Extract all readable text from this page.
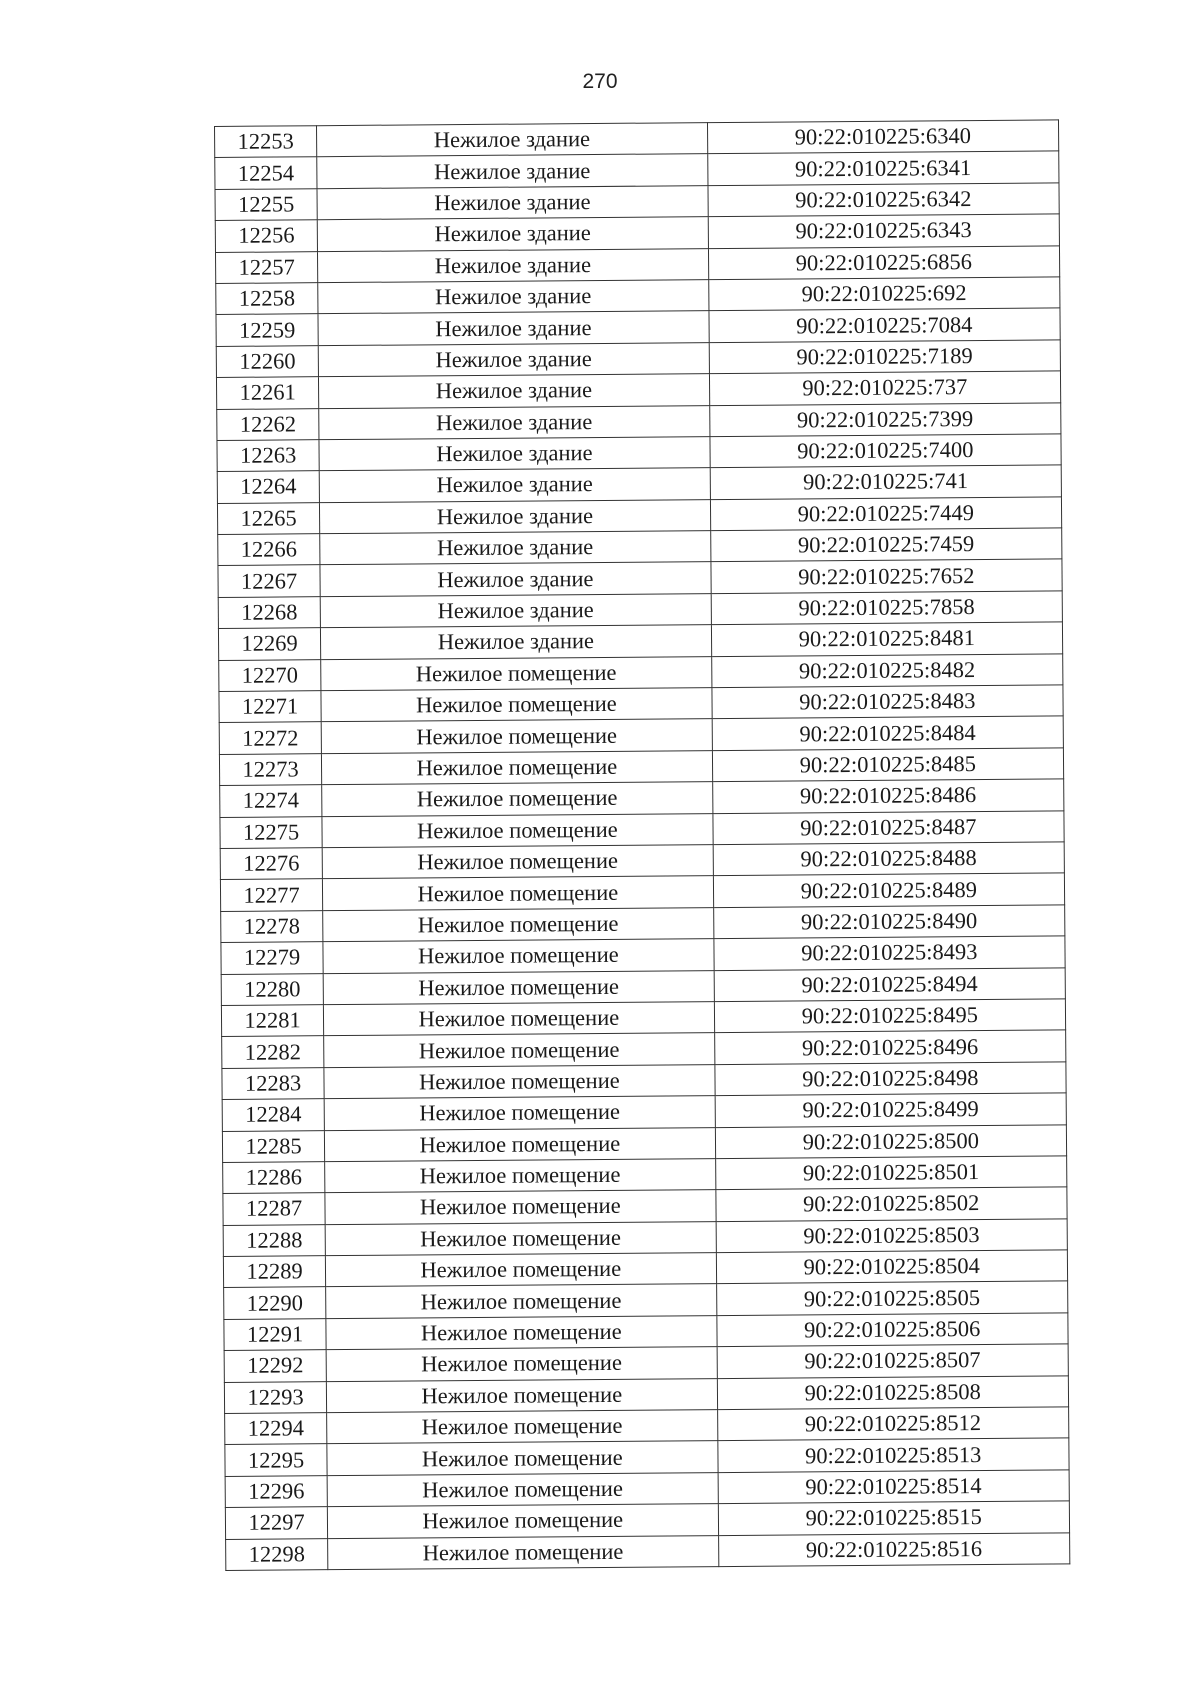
270
12253	Нежилое здание	90:22:010225:6340
12254	Нежилое здание	90:22:010225:6341
12255	Нежилое здание	90:22:010225:6342
12256	Нежилое здание	90:22:010225:6343
12257	Нежилое здание	90:22:010225:6856
12258	Нежилое здание	90:22:010225:692
12259	Нежилое здание	90:22:010225:7084
12260	Нежилое здание	90:22:010225:7189
12261	Нежилое здание	90:22:010225:737
12262	Нежилое здание	90:22:010225:7399
12263	Нежилое здание	90:22:010225:7400
12264	Нежилое здание	90:22:010225:741
12265	Нежилое здание	90:22:010225:7449
12266	Нежилое здание	90:22:010225:7459
12267	Нежилое здание	90:22:010225:7652
12268	Нежилое здание	90:22:010225:7858
12269	Нежилое здание	90:22:010225:8481
12270	Нежилое помещение	90:22:010225:8482
12271	Нежилое помещение	90:22:010225:8483
12272	Нежилое помещение	90:22:010225:8484
12273	Нежилое помещение	90:22:010225:8485
12274	Нежилое помещение	90:22:010225:8486
12275	Нежилое помещение	90:22:010225:8487
12276	Нежилое помещение	90:22:010225:8488
12277	Нежилое помещение	90:22:010225:8489
12278	Нежилое помещение	90:22:010225:8490
12279	Нежилое помещение	90:22:010225:8493
12280	Нежилое помещение	90:22:010225:8494
12281	Нежилое помещение	90:22:010225:8495
12282	Нежилое помещение	90:22:010225:8496
12283	Нежилое помещение	90:22:010225:8498
12284	Нежилое помещение	90:22:010225:8499
12285	Нежилое помещение	90:22:010225:8500
12286	Нежилое помещение	90:22:010225:8501
12287	Нежилое помещение	90:22:010225:8502
12288	Нежилое помещение	90:22:010225:8503
12289	Нежилое помещение	90:22:010225:8504
12290	Нежилое помещение	90:22:010225:8505
12291	Нежилое помещение	90:22:010225:8506
12292	Нежилое помещение	90:22:010225:8507
12293	Нежилое помещение	90:22:010225:8508
12294	Нежилое помещение	90:22:010225:8512
12295	Нежилое помещение	90:22:010225:8513
12296	Нежилое помещение	90:22:010225:8514
12297	Нежилое помещение	90:22:010225:8515
12298	Нежилое помещение	90:22:010225:8516
